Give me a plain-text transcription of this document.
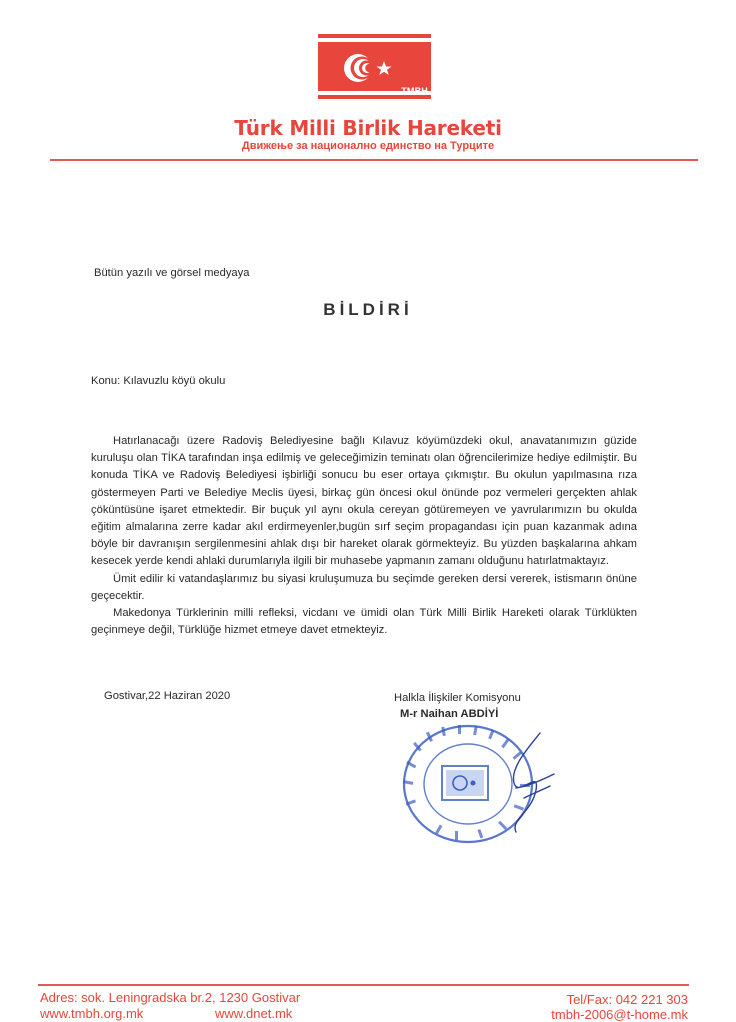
TMBH
Türk Milli Birlik Hareketi
Движење за национално единство на Турците
Bütün yazılı ve görsel medyaya
BİLDİRİ
Konu: Kılavuzlu köyü okulu

Hatırlanacağı üzere Radoviş Belediyesine bağlı Kılavuz köyümüzdeki okul, anavatanımızın güzide kuruluşu olan TİKA tarafından inşa edilmiş ve geleceğimizin teminatı olan öğrencilerimize hediye edilmiştir. Bu konuda TİKA ve Radoviş Belediyesi işbirliği sonucu bu eser ortaya çıkmıştır. Bu okulun yapılmasına rıza göstermeyen Parti ve Belediye Meclis üyesi, birkaç gün öncesi okul önünde poz vermeleri gerçekten ahlak çöküntüsüne işaret etmektedir. Bir buçuk yıl aynı okula cereyan götüremeyen ve yavrularımızın bu okulda eğitim almalarına zerre kadar akıl erdirmeyenler,bugün sırf seçim propagandası için puan kazanmak adına böyle bir davranışın sergilenmesini ahlak dışı bir hareket olarak görmekteyiz. Bu yüzden başkalarına ahkam kesecek yerde kendi ahlaki durumlarıyla ilgili bir muhasebe yapmanın zamanı olduğunu hatırlatmaktayız.

Ümit edilir ki vatandaşlarımız bu siyasi kruluşumuza bu seçimde gereken dersi vererek, istismarın önüne geçecektir.

Makedonya Türklerinin milli refleksi, vicdanı ve ümidi olan Türk Milli Birlik Hareketi olarak Türklükten geçinmeye değil, Türklüğe hizmet etmeye davet etmekteyiz.

Gostivar,22 Haziran 2020	Halkla İlişkiler Komisyonu
M-r Naihan ABDİYİ
Adres: sok. Leningradska br.2, 1230 Gostivar
www.tmbh.org.mk	www.dnet.mk
Tel/Fax: 042 221 303
tmbh-2006@t-home.mk
